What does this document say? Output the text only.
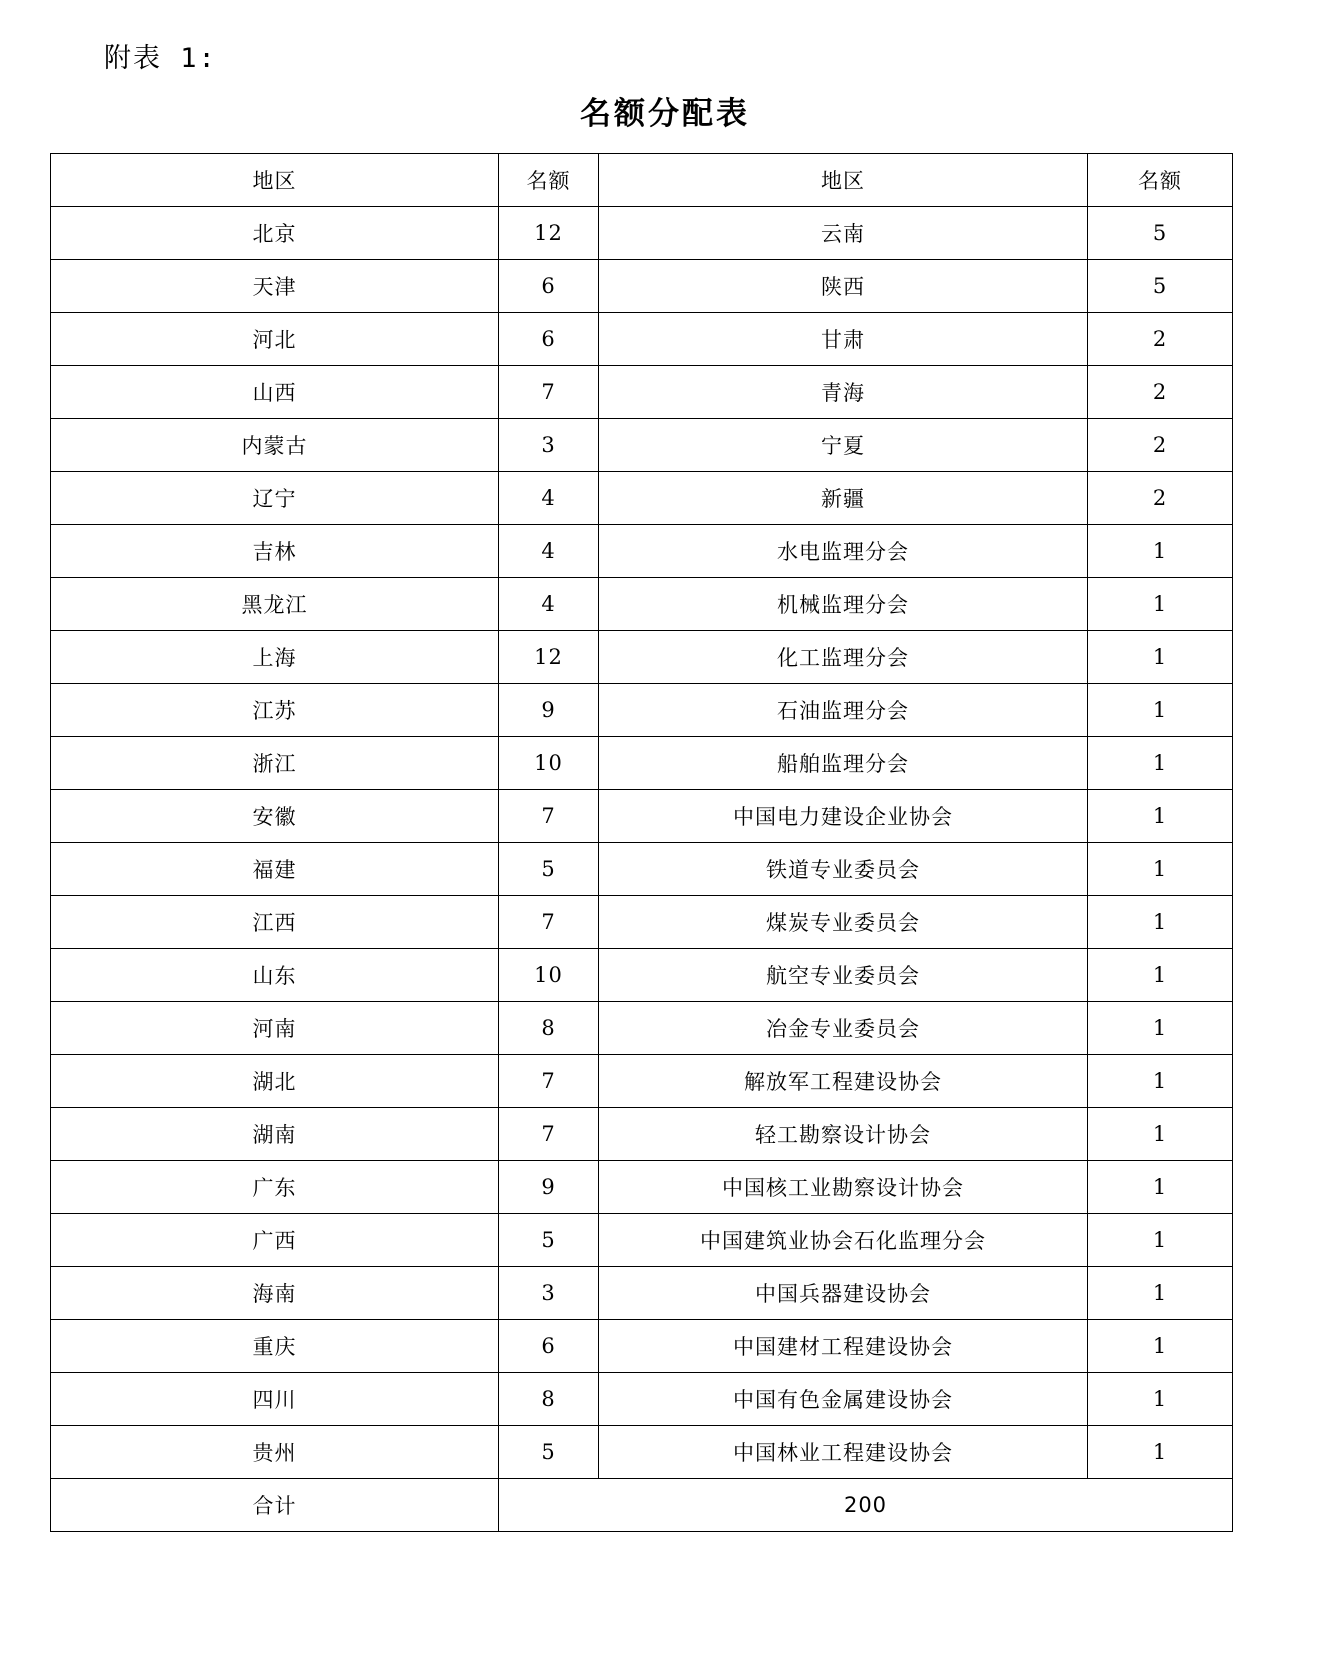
附表 1:
名额分配表
地区	名额	地区	名额
北京	12	云南	5
天津	6	陕西	5
河北	6	甘肃	2
山西	7	青海	2
内蒙古	3	宁夏	2
辽宁	4	新疆	2
吉林	4	水电监理分会	1
黑龙江	4	机械监理分会	1
上海	12	化工监理分会	1
江苏	9	石油监理分会	1
浙江	10	船舶监理分会	1
安徽	7	中国电力建设企业协会	1
福建	5	铁道专业委员会	1
江西	7	煤炭专业委员会	1
山东	10	航空专业委员会	1
河南	8	冶金专业委员会	1
湖北	7	解放军工程建设协会	1
湖南	7	轻工勘察设计协会	1
广东	9	中国核工业勘察设计协会	1
广西	5	中国建筑业协会石化监理分会	1
海南	3	中国兵器建设协会	1
重庆	6	中国建材工程建设协会	1
四川	8	中国有色金属建设协会	1
贵州	5	中国林业工程建设协会	1
合计	200		
